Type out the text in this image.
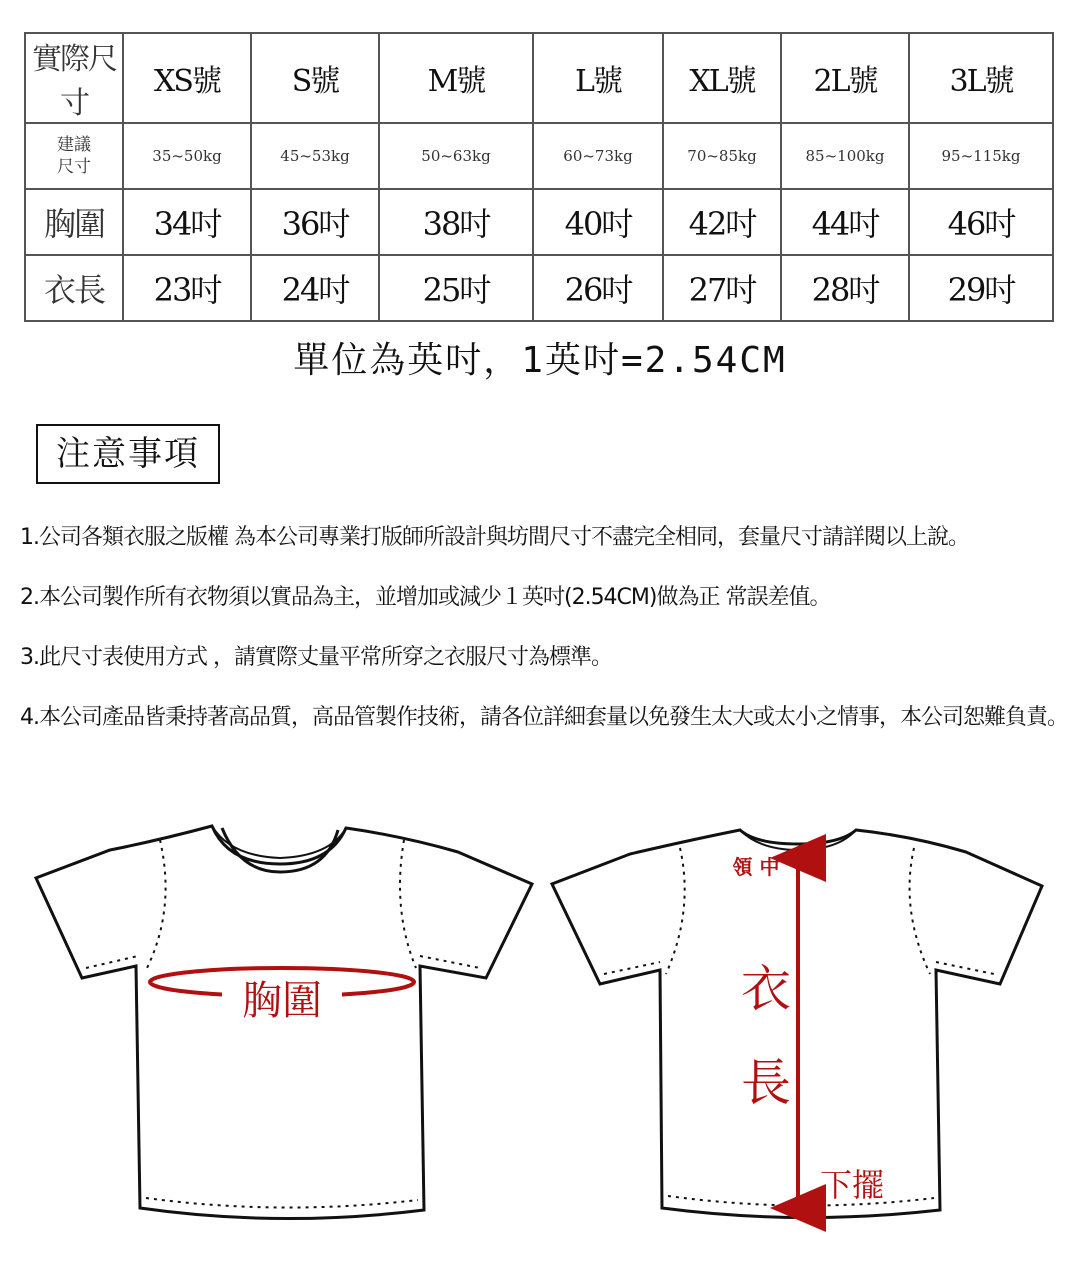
實際尺寸	XS號	S號	M號	L號	XL號	2L號	3L號

建議
尺寸	35~50kg	45~53kg	50~63kg	60~73kg	70~85kg	85~100kg	95~115kg
胸圍	34吋	36吋	38吋	40吋	42吋	44吋	46吋
衣長	23吋	24吋	25吋	26吋	27吋	28吋	29吋
單位為英吋，1英吋=2.54CM
注意事項
1.公司各類衣服之版權 為本公司專業打版師所設計與坊間尺寸不盡完全相同，套量尺寸請詳閱以上說。
2.本公司製作所有衣物須以實品為主，並增加或減少１英吋(2.54CM)做為正 常誤差值。
3.此尺寸表使用方式 ，請實際丈量平常所穿之衣服尺寸為標準。
4.本公司產品皆秉持著高品質，高品管製作技術，請各位詳細套量以免發生太大或太小之情事，本公司恕難負責。
胸圍
領 中
衣
長
下擺
